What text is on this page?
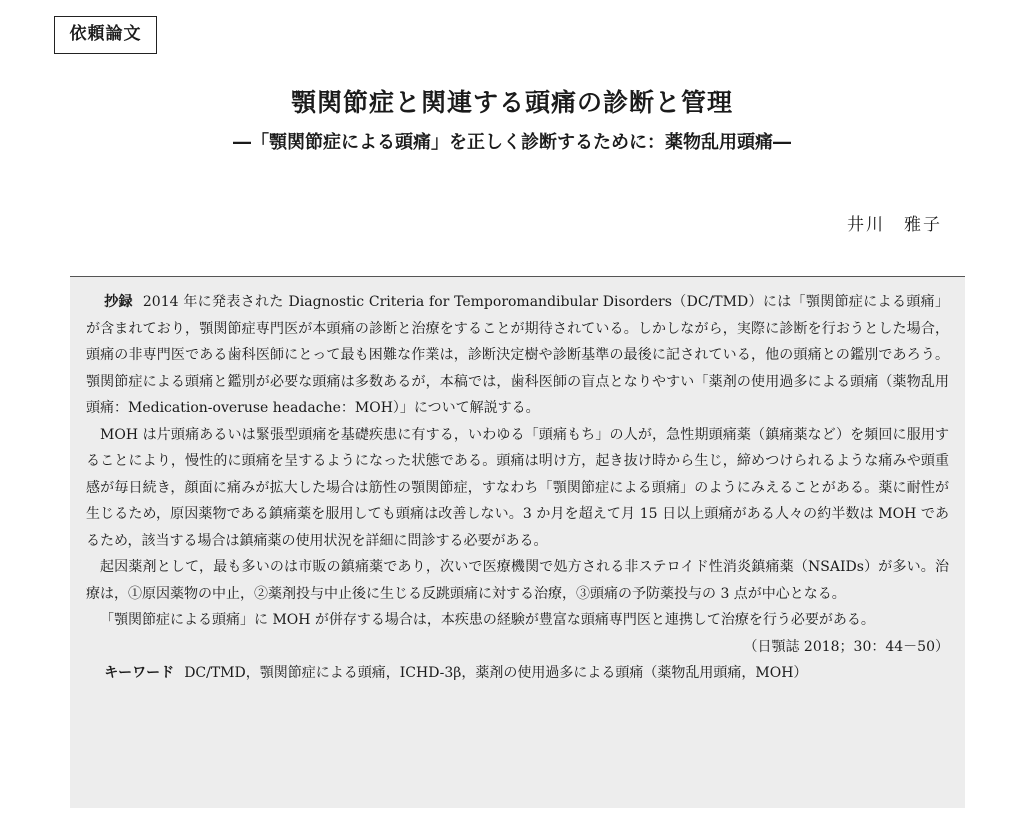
依頼論文
顎関節症と関連する頭痛の診断と管理
―「顎関節症による頭痛」を正しく診断するために：薬物乱用頭痛―
井川　雅子

抄録 2014 年に発表された Diagnostic Criteria for Temporomandibular Disorders（DC/TMD）には「顎関節症による頭痛」が含まれており，顎関節症専門医が本頭痛の診断と治療をすることが期待されている。しかしながら，実際に診断を行おうとした場合，頭痛の非専門医である歯科医師にとって最も困難な作業は，診断決定樹や診断基準の最後に記されている，他の頭痛との鑑別であろう。顎関節症による頭痛と鑑別が必要な頭痛は多数あるが，本稿では，歯科医師の盲点となりやすい「薬剤の使用過多による頭痛（薬物乱用頭痛：Medication-overuse headache：MOH）」について解説する。

MOH は片頭痛あるいは緊張型頭痛を基礎疾患に有する，いわゆる「頭痛もち」の人が，急性期頭痛薬（鎮痛薬など）を頻回に服用することにより，慢性的に頭痛を呈するようになった状態である。頭痛は明け方，起き抜け時から生じ，締めつけられるような痛みや頭重感が毎日続き，顔面に痛みが拡大した場合は筋性の顎関節症，すなわち「顎関節症による頭痛」のようにみえることがある。薬に耐性が生じるため，原因薬物である鎮痛薬を服用しても頭痛は改善しない。3 か月を超えて月 15 日以上頭痛がある人々の約半数は MOH であるため，該当する場合は鎮痛薬の使用状況を詳細に問診する必要がある。

起因薬剤として，最も多いのは市販の鎮痛薬であり，次いで医療機関で処方される非ステロイド性消炎鎮痛薬（NSAIDs）が多い。治療は，①原因薬物の中止，②薬剤投与中止後に生じる反跳頭痛に対する治療，③頭痛の予防薬投与の 3 点が中心となる。

「顎関節症による頭痛」に MOH が併存する場合は，本疾患の経験が豊富な頭痛専門医と連携して治療を行う必要がある。

（日顎誌 2018；30：44－50）

キーワード DC/TMD，顎関節症による頭痛，ICHD-3β，薬剤の使用過多による頭痛（薬物乱用頭痛，MOH）
